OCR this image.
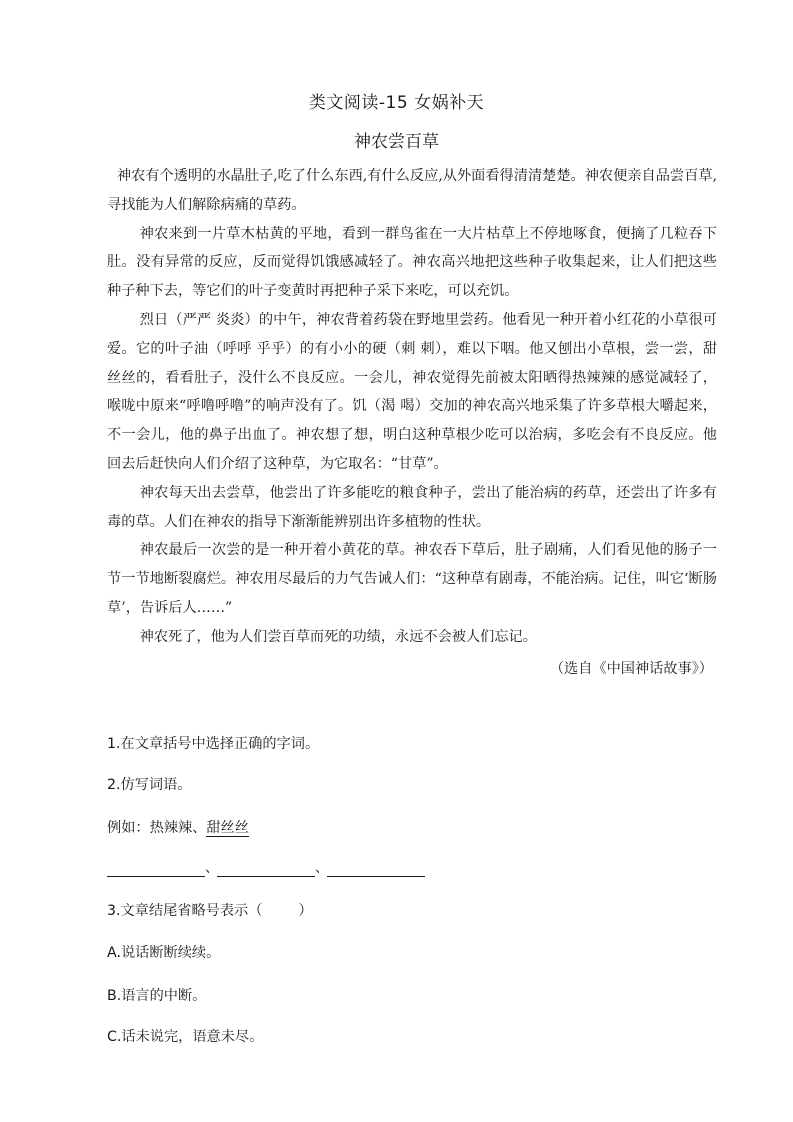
类文阅读-15 女娲补天
神农尝百草

神农有个透明的水晶肚子,吃了什么东西,有什么反应,从外面看得清清楚楚。神农便亲自品尝百草,寻找能为人们解除病痛的草药。

神农来到一片草木枯黄的平地，看到一群鸟雀在一大片枯草上不停地啄食，便摘了几粒吞下肚。没有异常的反应，反而觉得饥饿感减轻了。神农高兴地把这些种子收集起来，让人们把这些种子种下去，等它们的叶子变黄时再把种子采下来吃，可以充饥。

烈日（严严 炎炎）的中午，神农背着药袋在野地里尝药。他看见一种开着小红花的小草很可爱。它的叶子油（呼呼 乎乎）的有小小的硬（刺 刺），难以下咽。他又刨出小草根，尝一尝，甜丝丝的，看看肚子，没什么不良反应。一会儿，神农觉得先前被太阳晒得热辣辣的感觉减轻了，喉咙中原来“呼噜呼噜”的响声没有了。饥（渴 喝）交加的神农高兴地采集了许多草根大嚼起来，不一会儿，他的鼻子出血了。神农想了想，明白这种草根少吃可以治病，多吃会有不良反应。他回去后赶快向人们介绍了这种草，为它取名：“甘草”。

神农每天出去尝草，他尝出了许多能吃的粮食种子，尝出了能治病的药草，还尝出了许多有毒的草。人们在神农的指导下渐渐能辨别出许多植物的性状。

神农最后一次尝的是一种开着小黄花的草。神农吞下草后，肚子剧痛，人们看见他的肠子一节一节地断裂腐烂。神农用尽最后的力气告诫人们：“这种草有剧毒，不能治病。记住，叫它‘断肠草’，告诉后人……”

神农死了，他为人们尝百草而死的功绩，永远不会被人们忘记。

（选自《中国神话故事》）
1.在文章括号中选择正确的字词。
2.仿写词语。
例如：热辣辣、甜丝丝
、	、
3.文章结尾省略号表示（	）
A.说话断断续续。
B.语言的中断。
C.话未说完，语意未尽。
